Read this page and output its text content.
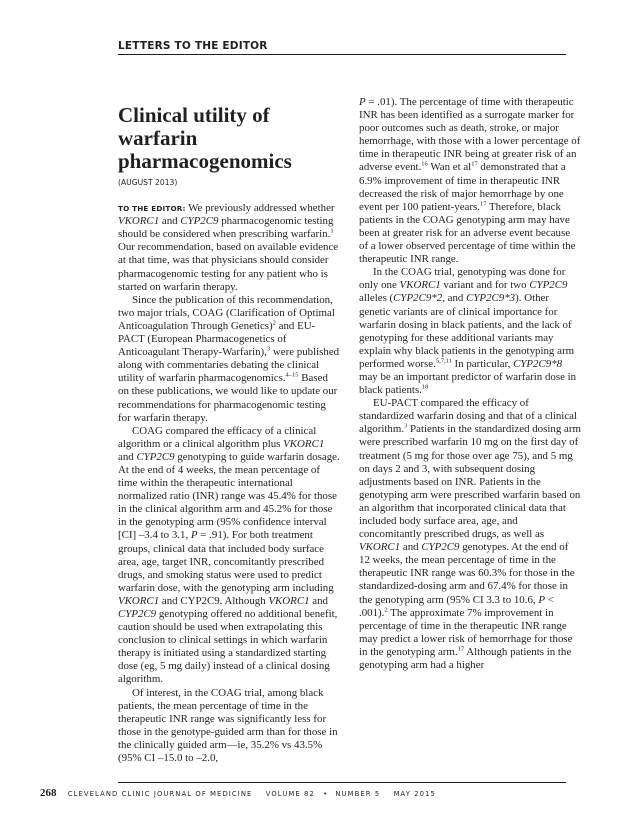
LETTERS TO THE EDITOR
Clinical utility of warfarin pharmacogenomics
(AUGUST 2013)

TO THE EDITOR: We previously addressed whether VKORC1 and CYP2C9 pharmacogenomic testing should be considered when prescribing warfarin.$^1$ Our recommendation, based on available evidence at that time, was that physicians should consider pharmacogenomic testing for any patient who is started on warfarin therapy.

Since the publication of this recommendation, two major trials, COAG (Clarification of Optimal Anticoagulation Through Genetics)$^2$ and EU-PACT (European Pharmacogenetics of Anticoagulant Therapy-Warfarin),$^3$ were published along with commentaries debating the clinical utility of warfarin pharmacogenomics.$^{4-15}$ Based on these publications, we would like to update our recommendations for pharmacogenomic testing for warfarin therapy.

COAG compared the efficacy of a clinical algorithm or a clinical algorithm plus VKORC1 and CYP2C9 genotyping to guide warfarin dosage. At the end of 4 weeks, the mean percentage of time within the therapeutic international normalized ratio (INR) range was 45.4% for those in the clinical algorithm arm and 45.2% for those in the genotyping arm (95% confidence interval [CI] –3.4 to 3.1, P = .91). For both treatment groups, clinical data that included body surface area, age, target INR, concomitantly prescribed drugs, and smoking status were used to predict warfarin dose, with the genotyping arm including VKORC1 and CYP2C9. Although VKORC1 and CYP2C9 genotyping offered no additional benefit, caution should be used when extrapolating this conclusion to clinical settings in which warfarin therapy is initiated using a standardized starting dose (eg, 5 mg daily) instead of a clinical dosing algorithm.

Of interest, in the COAG trial, among black patients, the mean percentage of time in the therapeutic INR range was significantly less for those in the genotype-guided arm than for those in the clinically guided arm—ie, 35.2% vs 43.5% (95% CI –15.0 to –2.0,

P = .01). The percentage of time with therapeutic INR has been identified as a surrogate marker for poor outcomes such as death, stroke, or major hemorrhage, with those with a lower percentage of time in therapeutic INR being at greater risk of an adverse event.$^{16}$ Wan et $al^{17}$ demonstrated that a 6.9% improvement of time in therapeutic INR decreased the risk of major hemorrhage by one event per 100 patient-years.$^{17}$ Therefore, black patients in the COAG genotyping arm may have been at greater risk for an adverse event because of a lower observed percentage of time within the therapeutic INR range.

In the COAG trial, genotyping was done for only one VKORC1 variant and for two CYP2C9 alleles (CYP2C9*2, and CYP2C9*3). Other genetic variants are of clinical importance for warfarin dosing in black patients, and the lack of genotyping for these additional variants may explain why black patients in the genotyping arm performed worse.$^{5,7,11}$ In particular, CYP2C9*8 may be an important predictor of warfarin dose in black patients.$^{18}$

EU-PACT compared the efficacy of standardized warfarin dosing and that of a clinical algorithm.$^3$ Patients in the standardized dosing arm were prescribed warfarin 10 mg on the first day of treatment (5 mg for those over age 75), and 5 mg on days 2 and 3, with subsequent dosing adjustments based on INR. Patients in the genotyping arm were prescribed warfarin based on an algorithm that incorporated clinical data that included body surface area, age, and concomitantly prescribed drugs, as well as VKORC1 and CYP2C9 genotypes. At the end of 12 weeks, the mean percentage of time in the therapeutic INR range was 60.3% for those in the standardized-dosing arm and 67.4% for those in the genotyping arm (95% CI 3.3 to 10.6, P < .001).$^2$ The approximate 7% improvement in percentage of time in the therapeutic INR range may predict a lower risk of hemorrhage for those in the genotyping arm.$^{17}$ Although patients in the genotyping arm had a higher

268 CLEVELAND CLINIC JOURNAL OF MEDICINE VOLUME 82 • NUMBER 5 MAY 2015
